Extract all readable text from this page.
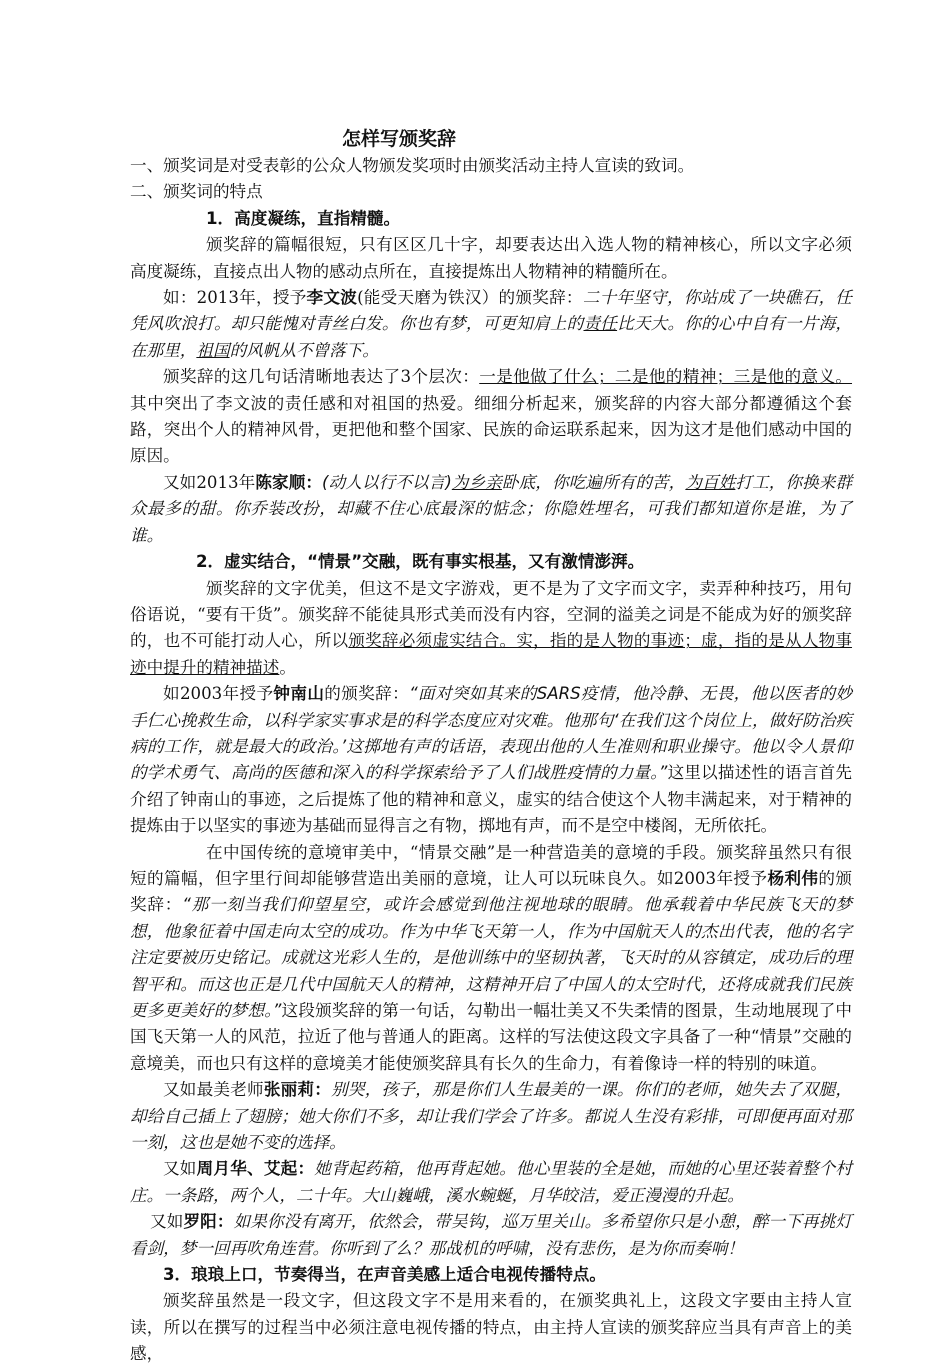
怎样写颁奖辞
一、颁奖词是对受表彰的公众人物颁发奖项时由颁奖活动主持人宣读的致词。
二、颁奖词的特点
1．高度凝练，直指精髓。

颁奖辞的篇幅很短，只有区区几十字，却要表达出入选人物的精神核心，所以文字必须高度凝练，直接点出人物的感动点所在，直接提炼出人物精神的精髓所在。

如：2013年，授予李文波(能受天磨为铁汉）的颁奖辞：二十年坚守，你站成了一块礁石，任凭风吹浪打。却只能愧对青丝白发。你也有梦，可更知肩上的责任比天大。你的心中自有一片海，在那里，祖国的风帆从不曾落下。

颁奖辞的这几句话清晰地表达了3个层次：一是他做了什么；二是他的精神；三是他的意义。其中突出了李文波的责任感和对祖国的热爱。细细分析起来，颁奖辞的内容大部分都遵循这个套路，突出个人的精神风骨，更把他和整个国家、民族的命运联系起来，因为这才是他们感动中国的原因。

又如2013年陈家顺：(动人以行不以言)为乡亲卧底，你吃遍所有的苦，为百姓打工，你换来群众最多的甜。你乔装改扮，却藏不住心底最深的惦念；你隐姓埋名，可我们都知道你是谁，为了谁。

2．虚实结合，“情景”交融，既有事实根基，又有激情澎湃。

颁奖辞的文字优美，但这不是文字游戏，更不是为了文字而文字，卖弄种种技巧，用句俗语说，“要有干货”。颁奖辞不能徒具形式美而没有内容，空洞的溢美之词是不能成为好的颁奖辞的，也不可能打动人心，所以颁奖辞必须虚实结合。实，指的是人物的事迹；虚，指的是从人物事迹中提升的精神描述。

如2003年授予钟南山的颁奖辞：“面对突如其来的SARS疫情，他冷静、无畏，他以医者的妙手仁心挽救生命，以科学家实事求是的科学态度应对灾难。他那句‘在我们这个岗位上，做好防治疾病的工作，就是最大的政治。’这掷地有声的话语，表现出他的人生准则和职业操守。他以令人景仰的学术勇气、高尚的医德和深入的科学探索给予了人们战胜疫情的力量。”这里以描述性的语言首先介绍了钟南山的事迹，之后提炼了他的精神和意义，虚实的结合使这个人物丰满起来，对于精神的提炼由于以坚实的事迹为基础而显得言之有物，掷地有声，而不是空中楼阁，无所依托。

在中国传统的意境审美中，“情景交融”是一种营造美的意境的手段。颁奖辞虽然只有很短的篇幅，但字里行间却能够营造出美丽的意境，让人可以玩味良久。如2003年授予杨利伟的颁奖辞：“那一刻当我们仰望星空，或许会感觉到他注视地球的眼睛。他承载着中华民族飞天的梦想，他象征着中国走向太空的成功。作为中华飞天第一人，作为中国航天人的杰出代表，他的名字注定要被历史铭记。成就这光彩人生的，是他训练中的坚韧执著，飞天时的从容镇定，成功后的理智平和。而这也正是几代中国航天人的精神，这精神开启了中国人的太空时代，还将成就我们民族更多更美好的梦想。”这段颁奖辞的第一句话，勾勒出一幅壮美又不失柔情的图景，生动地展现了中国飞天第一人的风范，拉近了他与普通人的距离。这样的写法使这段文字具备了一种“情景”交融的意境美，而也只有这样的意境美才能使颁奖辞具有长久的生命力，有着像诗一样的特别的味道。

又如最美老师张丽莉：别哭，孩子，那是你们人生最美的一课。你们的老师，她失去了双腿，却给自己插上了翅膀；她大你们不多，却让我们学会了许多。都说人生没有彩排，可即便再面对那一刻，这也是她不变的选择。

又如周月华、艾起：她背起药箱，他再背起她。他心里装的全是她，而她的心里还装着整个村庄。一条路，两个人，二十年。大山巍峨，溪水蜿蜒，月华皎洁，爱正漫漫的升起。

又如罗阳：如果你没有离开，依然会，带吴钩，巡万里关山。多希望你只是小憩，醉一下再挑灯看剑，梦一回再吹角连营。你听到了么？那战机的呼啸，没有悲伤，是为你而奏响！

3．琅琅上口，节奏得当，在声音美感上适合电视传播特点。

颁奖辞虽然是一段文字，但这段文字不是用来看的，在颁奖典礼上，这段文字要由主持人宣读，所以在撰写的过程当中必须注意电视传播的特点，由主持人宣读的颁奖辞应当具有声音上的美感，
